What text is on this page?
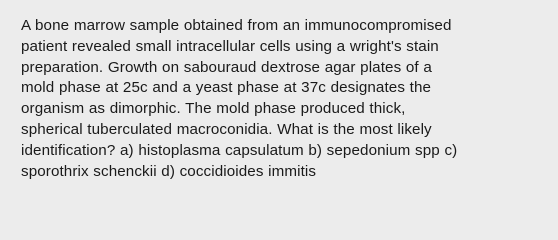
A bone marrow sample obtained from an immunocompromised
patient revealed small intracellular cells using a wright's stain
preparation. Growth on sabouraud dextrose agar plates of a
mold phase at 25c and a yeast phase at 37c designates the
organism as dimorphic. The mold phase produced thick,
spherical tuberculated macroconidia. What is the most likely
identification? a) histoplasma capsulatum b) sepedonium spp c)
sporothrix schenckii d) coccidioides immitis
